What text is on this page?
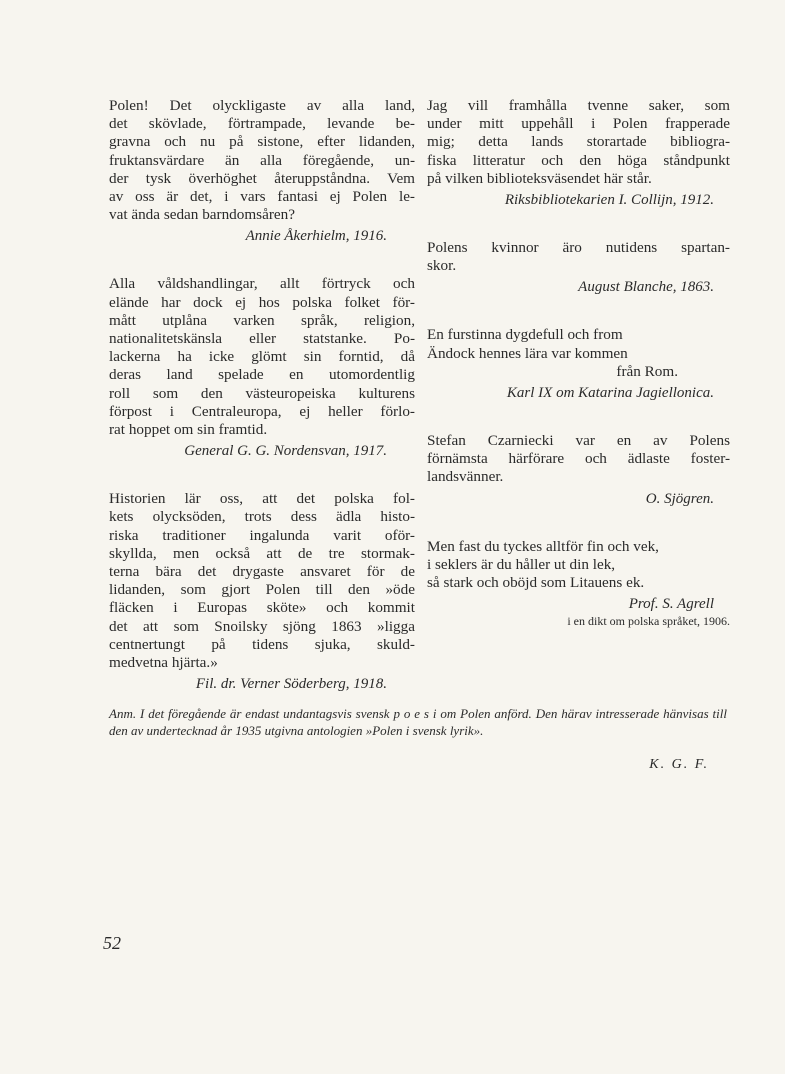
Polen! Det olyckligaste av alla land,
det skövlade, förtrampade, levande be-
gravna och nu på sistone, efter lidanden,
fruktansvärdare än alla föregående, un-
der tysk överhöghet återuppståndna. Vem
av oss är det, i vars fantasi ej Polen le-
vat ända sedan barndomsåren?
Annie Åkerhielm, 1916.
Alla våldshandlingar, allt förtryck och
elände har dock ej hos polska folket för-
mått utplåna varken språk, religion,
nationalitetskänsla eller statstanke. Po-
lackerna ha icke glömt sin forntid, då
deras land spelade en utomordentlig
roll som den västeuropeiska kulturens
förpost i Centraleuropa, ej heller förlo-
rat hoppet om sin framtid.
General G. G. Nordensvan, 1917.
Historien lär oss, att det polska fol-
kets olycksöden, trots dess ädla histo-
riska traditioner ingalunda varit oför-
skyllda, men också att de tre stormak-
terna bära det drygaste ansvaret för de
lidanden, som gjort Polen till den »öde
fläcken i Europas sköte» och kommit
det att som Snoilsky sjöng 1863 »ligga
centnertungt på tidens sjuka, skuld-
medvetna hjärta.»
Fil. dr. Verner Söderberg, 1918.
Jag vill framhålla tvenne saker, som
under mitt uppehåll i Polen frapperade
mig; detta lands storartade bibliogra-
fiska litteratur och den höga ståndpunkt
på vilken biblioteksväsendet här står.
Riksbibliotekarien I. Collijn, 1912.
Polens kvinnor äro nutidens spartan-
skor.
August Blanche, 1863.
En furstinna dygdefull och from
Ändock hennes lära var kommen
från Rom.
Karl IX om Katarina Jagiellonica.
Stefan Czarniecki var en av Polens
förnämsta härförare och ädlaste foster-
landsvänner.
O. Sjögren.
Men fast du tyckes alltför fin och vek,
i seklers är du håller ut din lek,
så stark och oböjd som Litauens ek.
Prof. S. Agrell
i en dikt om polska språket, 1906.
Anm. I det föregående är endast undantagsvis svensk p o e s i om Polen anförd. Den härav intresserade hänvisas till den av undertecknad år 1935 utgivna antologien »Polen i svensk lyrik».
K. G. F.
52
